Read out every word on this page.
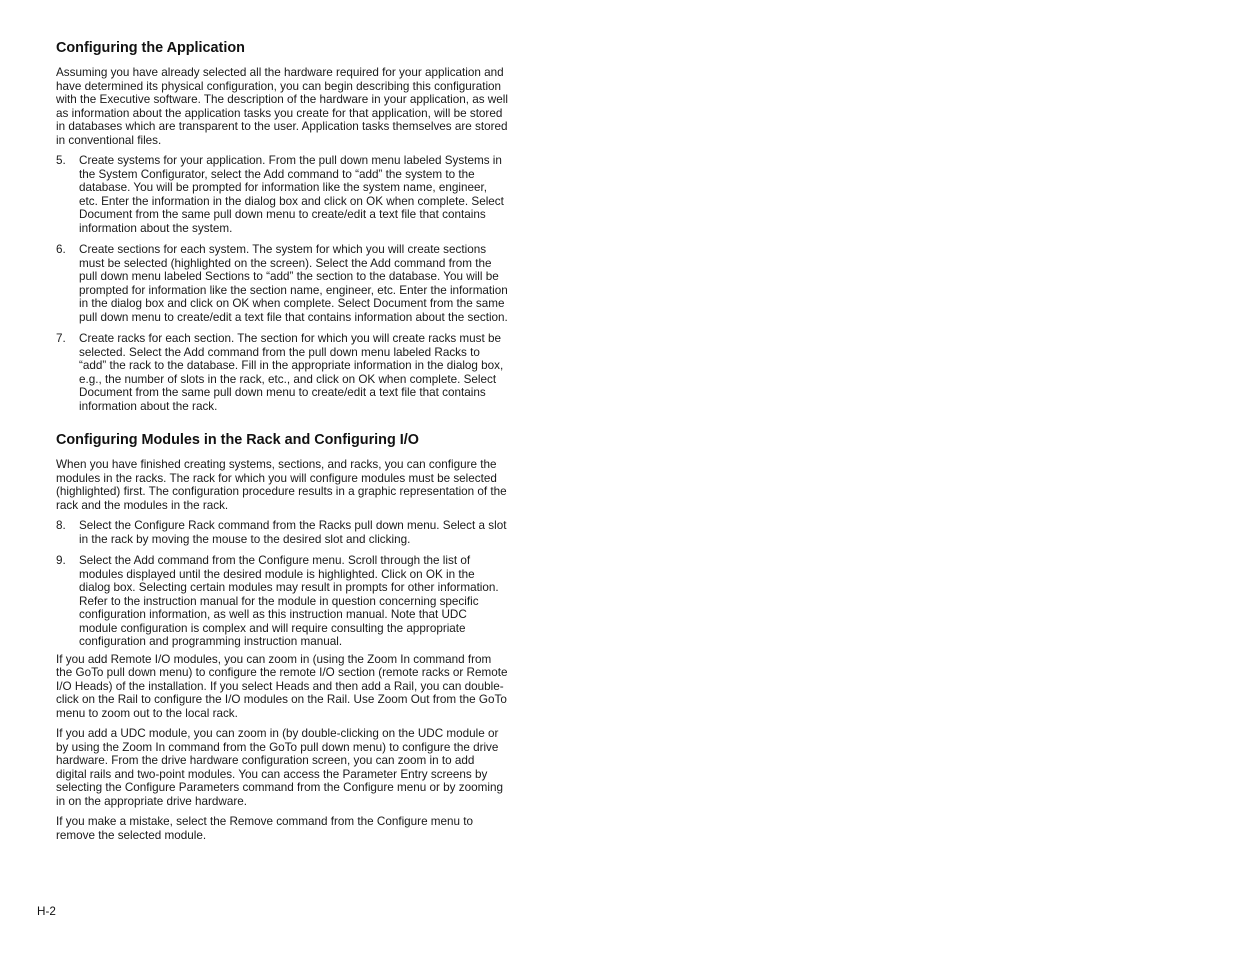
Configuring the Application

Assuming you have already selected all the hardware required for your application and have determined its physical configuration, you can begin describing this configuration with the Executive software. The description of the hardware in your application, as well as information about the application tasks you create for that application, will be stored in databases which are transparent to the user. Application tasks themselves are stored in conventional files.

5.	Create systems for your application. From the pull down menu labeled Systems in the System Configurator, select the Add command to “add” the system to the database. You will be prompted for information like the system name, engineer, etc. Enter the information in the dialog box and click on OK when complete. Select Document from the same pull down menu to create/edit a text file that contains information about the system.
6.	Create sections for each system. The system for which you will create sections must be selected (highlighted on the screen). Select the Add command from the pull down menu labeled Sections to “add” the section to the database. You will be prompted for information like the section name, engineer, etc. Enter the information in the dialog box and click on OK when complete. Select Document from the same pull down menu to create/edit a text file that contains information about the section.
7.	Create racks for each section. The section for which you will create racks must be selected. Select the Add command from the pull down menu labeled Racks to “add” the rack to the database. Fill in the appropriate information in the dialog box, e.g., the number of slots in the rack, etc., and click on OK when complete. Select Document from the same pull down menu to create/edit a text file that contains information about the rack.
Configuring Modules in the Rack and Configuring I/O

When you have finished creating systems, sections, and racks, you can configure the modules in the racks. The rack for which you will configure modules must be selected (highlighted) first. The configuration procedure results in a graphic representation of the rack and the modules in the rack.

8.	Select the Configure Rack command from the Racks pull down menu. Select a slot in the rack by moving the mouse to the desired slot and clicking.
9.	Select the Add command from the Configure menu. Scroll through the list of modules displayed until the desired module is highlighted. Click on OK in the dialog box. Selecting certain modules may result in prompts for other information. Refer to the instruction manual for the module in question concerning specific configuration information, as well as this instruction manual. Note that UDC module configuration is complex and will require consulting the appropriate configuration and programming instruction manual.

If you add Remote I/O modules, you can zoom in (using the Zoom In command from the GoTo pull down menu) to configure the remote I/O section (remote racks or Remote I/O Heads) of the installation. If you select Heads and then add a Rail, you can double-click on the Rail to configure the I/O modules on the Rail. Use Zoom Out from the GoTo menu to zoom out to the local rack.

If you add a UDC module, you can zoom in (by double-clicking on the UDC module or by using the Zoom In command from the GoTo pull down menu) to configure the drive hardware. From the drive hardware configuration screen, you can zoom in to add digital rails and two-point modules. You can access the Parameter Entry screens by selecting the Configure Parameters command from the Configure menu or by zooming in on the appropriate drive hardware.

If you make a mistake, select the Remove command from the Configure menu to remove the selected module.

H-2
